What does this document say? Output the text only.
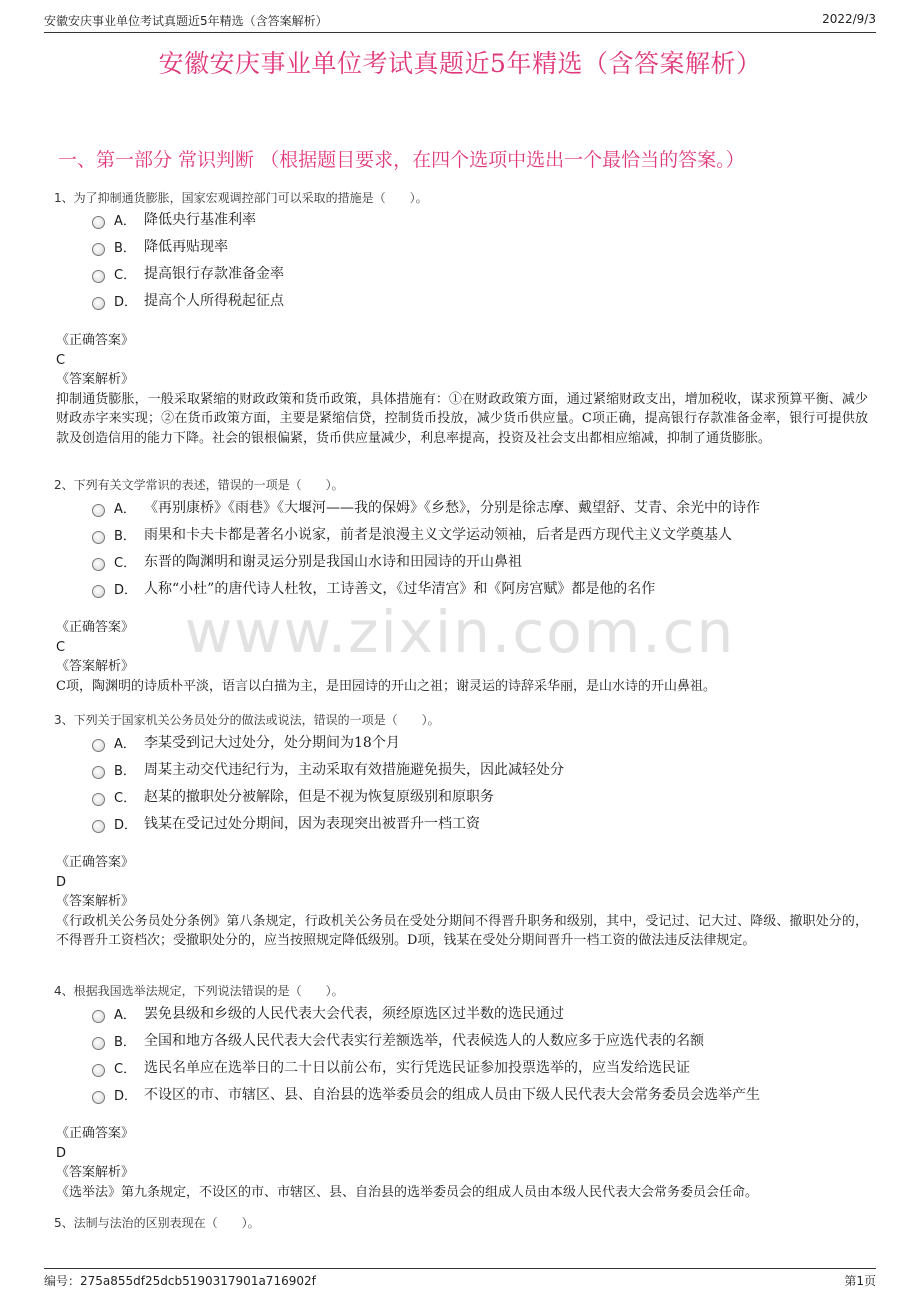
安徽安庆事业单位考试真题近5年精选（含答案解析）	2022/9/3
安徽安庆事业单位考试真题近5年精选（含答案解析）
一、第一部分 常识判断 （根据题目要求，在四个选项中选出一个最恰当的答案。）
www.zixin.com.cn
1、为了抑制通货膨胀，国家宏观调控部门可以采取的措施是（　　）。
A． 降低央行基准利率
B． 降低再贴现率
C． 提高银行存款准备金率
D． 提高个人所得税起征点
《正确答案》
C
《答案解析》
抑制通货膨胀，一般采取紧缩的财政政策和货币政策，具体措施有：①在财政政策方面，通过紧缩财政支出，增加税收，谋求预算平衡、减少财政赤字来实现；②在货币政策方面，主要是紧缩信贷，控制货币投放，减少货币供应量。C项正确，提高银行存款准备金率，银行可提供放款及创造信用的能力下降。社会的银根偏紧，货币供应量减少，利息率提高，投资及社会支出都相应缩减，抑制了通货膨胀。
2、下列有关文学常识的表述，错误的一项是（　　）。
A． 《再别康桥》《雨巷》《大堰河——我的保姆》《乡愁》，分别是徐志摩、戴望舒、艾青、余光中的诗作
B． 雨果和卡夫卡都是著名小说家，前者是浪漫主义文学运动领袖，后者是西方现代主义文学奠基人
C． 东晋的陶渊明和谢灵运分别是我国山水诗和田园诗的开山鼻祖
D． 人称“小杜”的唐代诗人杜牧，工诗善文，《过华清宫》和《阿房宫赋》都是他的名作
《正确答案》
C
《答案解析》
C项，陶渊明的诗质朴平淡，语言以白描为主，是田园诗的开山之祖；谢灵运的诗辞采华丽，是山水诗的开山鼻祖。
3、下列关于国家机关公务员处分的做法或说法，错误的一项是（　　）。
A． 李某受到记大过处分，处分期间为18个月
B． 周某主动交代违纪行为，主动采取有效措施避免损失，因此减轻处分
C． 赵某的撤职处分被解除，但是不视为恢复原级别和原职务
D． 钱某在受记过处分期间，因为表现突出被晋升一档工资
《正确答案》
D
《答案解析》
《行政机关公务员处分条例》第八条规定，行政机关公务员在受处分期间不得晋升职务和级别，其中，受记过、记大过、降级、撤职处分的，不得晋升工资档次；受撤职处分的，应当按照规定降低级别。D项，钱某在受处分期间晋升一档工资的做法违反法律规定。
4、根据我国选举法规定，下列说法错误的是（　　）。
A． 罢免县级和乡级的人民代表大会代表，须经原选区过半数的选民通过
B． 全国和地方各级人民代表大会代表实行差额选举，代表候选人的人数应多于应选代表的名额
C． 选民名单应在选举日的二十日以前公布，实行凭选民证参加投票选举的，应当发给选民证
D． 不设区的市、市辖区、县、自治县的选举委员会的组成人员由下级人民代表大会常务委员会选举产生
《正确答案》
D
《答案解析》
《选举法》第九条规定，不设区的市、市辖区、县、自治县的选举委员会的组成人员由本级人民代表大会常务委员会任命。
5、法制与法治的区别表现在（　　）。
编号：275a855df25dcb5190317901a716902f	第1页
